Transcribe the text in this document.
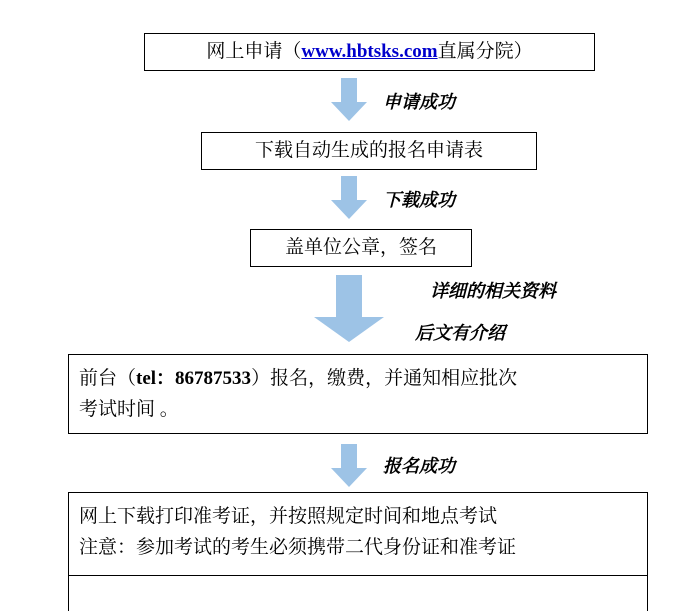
网上申请（ www.hbtsks.com 直属分院）
申请成功
下载自动生成的报名申请表
下载成功
盖单位公章，签名
详细的相关资料
后文有介绍
前台（tel：86787533）报名，缴费，并通知相应批次
考试时间 。
报名成功
网上下载打印准考证，并按照规定时间和地点考试
注意：参加考试的考生必须携带二代身份证和准考证
